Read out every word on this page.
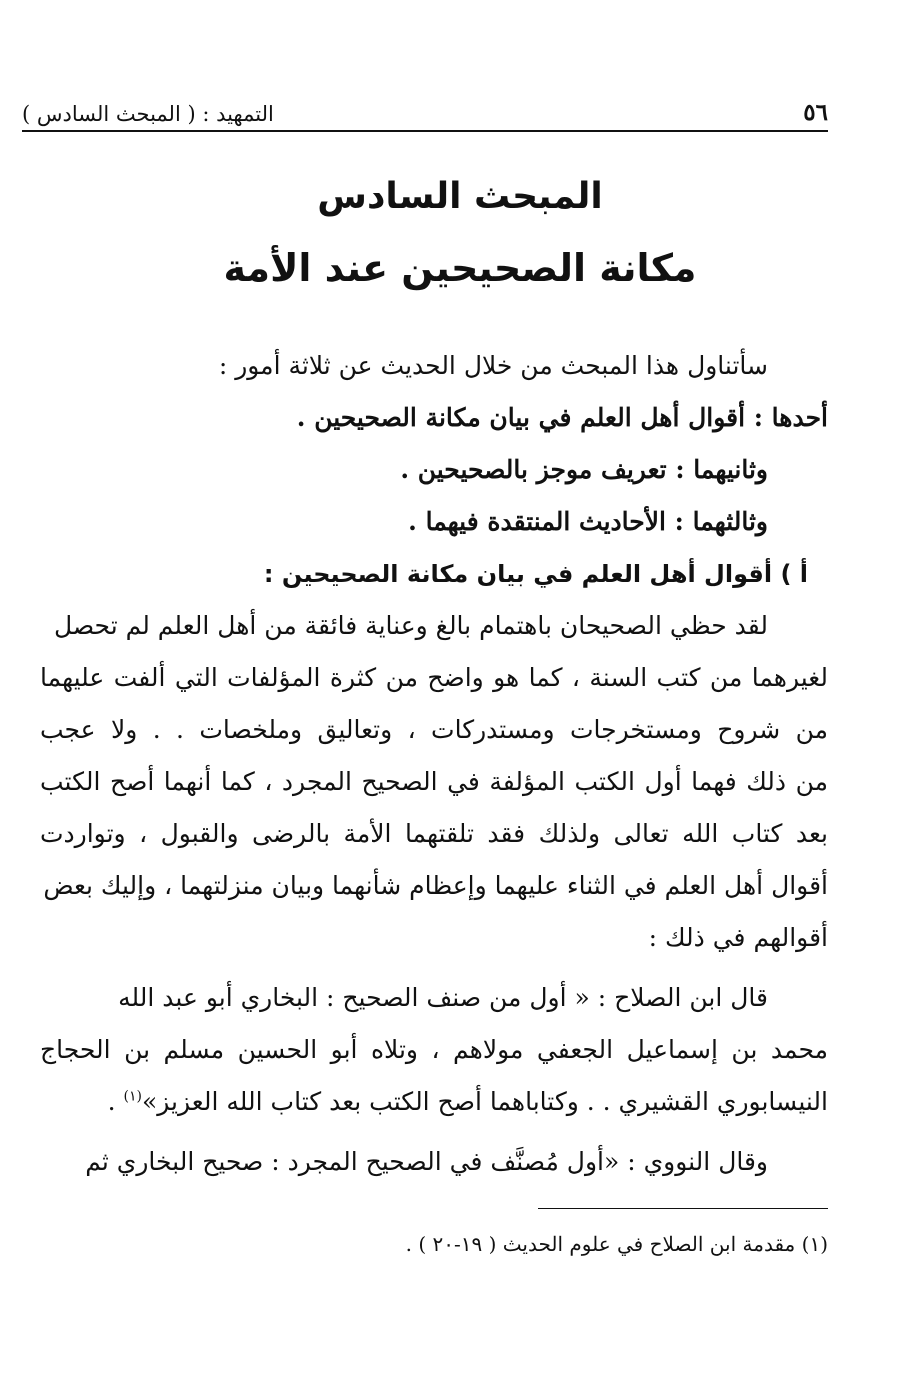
٥٦
التمهيد : ( المبحث السادس )
المبحث السادس
مكانة الصحيحين عند الأمة
سأتناول هذا المبحث من خلال الحديث عن ثلاثة أمور :
أحدها : أقوال أهل العلم في بيان مكانة الصحيحين .
وثانيهما : تعريف موجز بالصحيحين .
وثالثهما : الأحاديث المنتقدة فيهما .
أ ) أقوال أهل العلم في بيان مكانة الصحيحين :
لقد حظي الصحيحان باهتمام بالغ وعناية فائقة من أهل العلم لم تحصل
لغيرهما من كتب السنة ، كما هو واضح من كثرة المؤلفات التي ألفت عليهما
من شروح ومستخرجات ومستدركات ، وتعاليق وملخصات . . ولا عجب
من ذلك فهما أول الكتب المؤلفة في الصحيح المجرد ، كما أنهما أصح الكتب
بعد كتاب الله تعالى ولذلك فقد تلقتهما الأمة بالرضى والقبول ، وتواردت
أقوال أهل العلم في الثناء عليهما وإعظام شأنهما وبيان منزلتهما ، وإليك بعض
أقوالهم في ذلك :
قال ابن الصلاح : « أول من صنف الصحيح : البخاري أبو عبد الله
محمد بن إسماعيل الجعفي مولاهم ، وتلاه أبو الحسين مسلم بن الحجاج
النيسابوري القشيري . . وكتاباهما أصح الكتب بعد كتاب الله العزيز»$^{(١)}$ .
وقال النووي : «أول مُصنَّف في الصحيح المجرد : صحيح البخاري ثم
(١) مقدمة ابن الصلاح في علوم الحديث ( ١٩-٢٠ ) .
